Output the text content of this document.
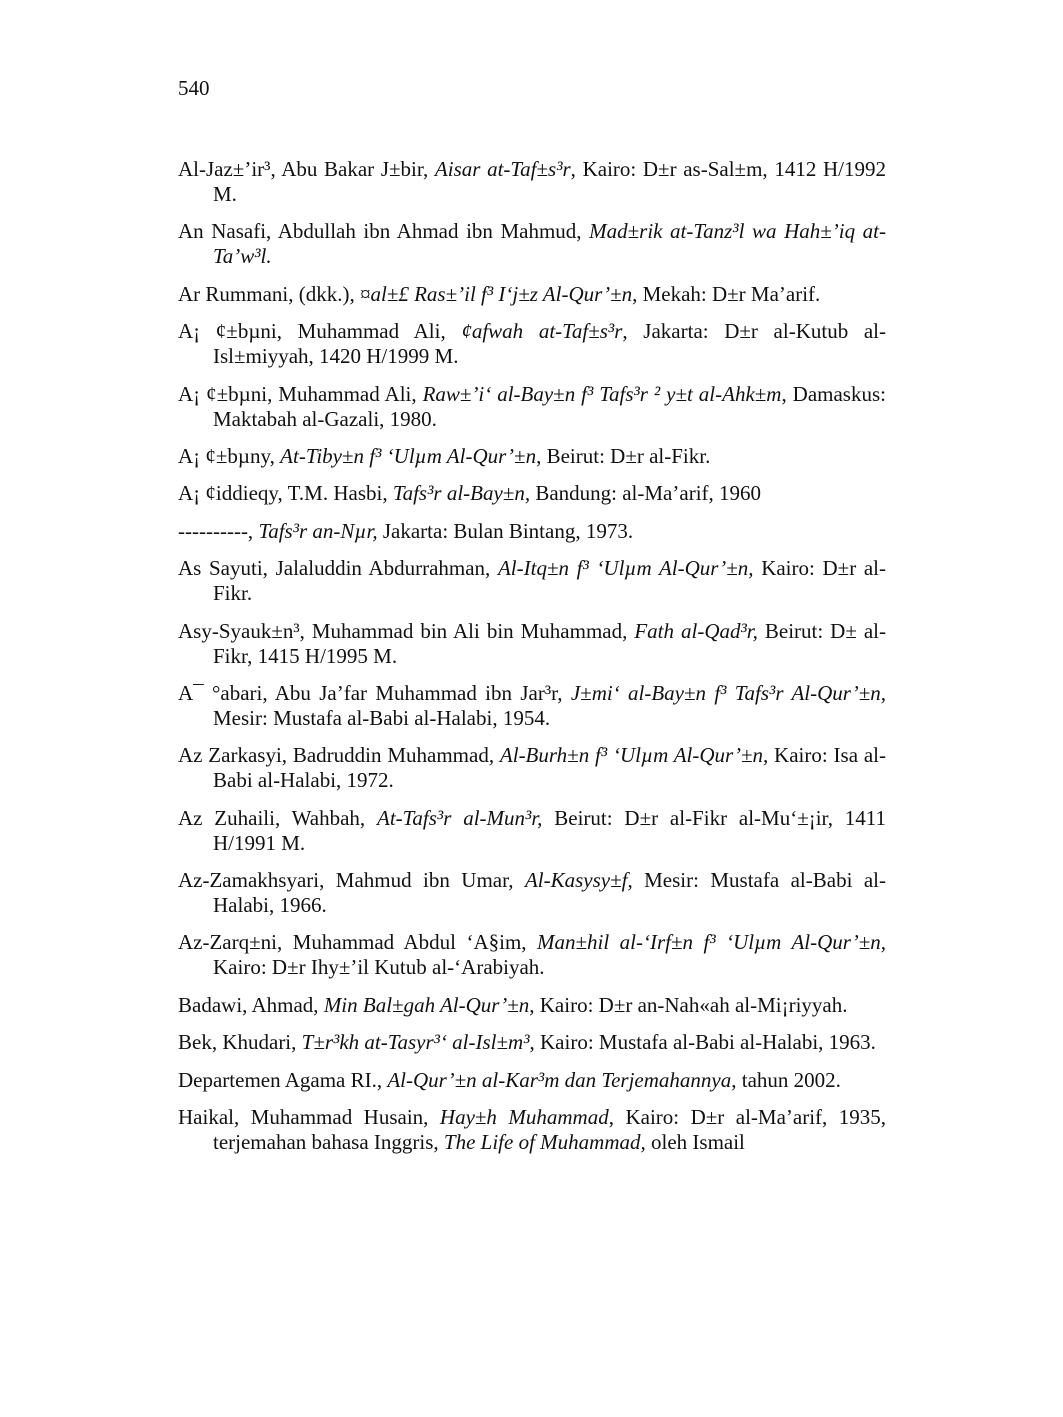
540
Al-Jaz±’ir³, Abu Bakar J±bir, Aisar at-Taf±s³r, Kairo: D±r as-Sal±m, 1412 H/1992 M.
An Nasafi, Abdullah ibn Ahmad ibn Mahmud, Mad±rik at-Tanz³l wa Hah±’iq at-Ta’w³l.
Ar Rummani, (dkk.), ¤al±£ Ras±’il f³ I‘j±z Al-Qur’±n, Mekah: D±r Ma’arif.
A¡ ¢±bµni, Muhammad Ali, ¢afwah at-Taf±s³r, Jakarta: D±r al-Kutub al-Isl±miyyah, 1420 H/1999 M.
A¡ ¢±bµni, Muhammad Ali, Raw±’i‘ al-Bay±n f³ Tafs³r ² y±t al-Ahk±m, Damaskus: Maktabah al-Gazali, 1980.
A¡ ¢±bµny, At-Tiby±n f³ ‘Ulµm Al-Qur’±n, Beirut: D±r al-Fikr.
A¡ ¢iddieqy, T.M. Hasbi, Tafs³r al-Bay±n, Bandung: al-Ma’arif, 1960
----------, Tafs³r an-Nµr, Jakarta: Bulan Bintang, 1973.
As Sayuti, Jalaluddin Abdurrahman, Al-Itq±n f³ ‘Ulµm Al-Qur’±n, Kairo: D±r al-Fikr.
Asy-Syauk±n³, Muhammad bin Ali bin Muhammad, Fath al-Qad³r, Beirut: D± al-Fikr, 1415 H/1995 M.
A¯ °abari, Abu Ja’far Muhammad ibn Jar³r, J±mi‘ al-Bay±n f³ Tafs³r Al-Qur’±n, Mesir: Mustafa al-Babi al-Halabi, 1954.
Az Zarkasyi, Badruddin Muhammad, Al-Burh±n f³ ‘Ulµm Al-Qur’±n, Kairo: Isa al-Babi al-Halabi, 1972.
Az Zuhaili, Wahbah, At-Tafs³r al-Mun³r, Beirut: D±r al-Fikr al-Mu‘±¡ir, 1411 H/1991 M.
Az-Zamakhsyari, Mahmud ibn Umar, Al-Kasysy±f, Mesir: Mustafa al-Babi al-Halabi, 1966.
Az-Zarq±ni, Muhammad Abdul ‘A§im, Man±hil al-‘Irf±n f³ ‘Ulµm Al-Qur’±n, Kairo: D±r Ihy±’il Kutub al-‘Arabiyah.
Badawi, Ahmad, Min Bal±gah Al-Qur’±n, Kairo: D±r an-Nah«ah al-Mi¡riyyah.
Bek, Khudari, T±r³kh at-Tasyr³‘ al-Isl±m³, Kairo: Mustafa al-Babi al-Halabi, 1963.
Departemen Agama RI., Al-Qur’±n al-Kar³m dan Terjemahannya, tahun 2002.
Haikal, Muhammad Husain, Hay±h Muhammad, Kairo: D±r al-Ma’arif, 1935, terjemahan bahasa Inggris, The Life of Muhammad, oleh Ismail
